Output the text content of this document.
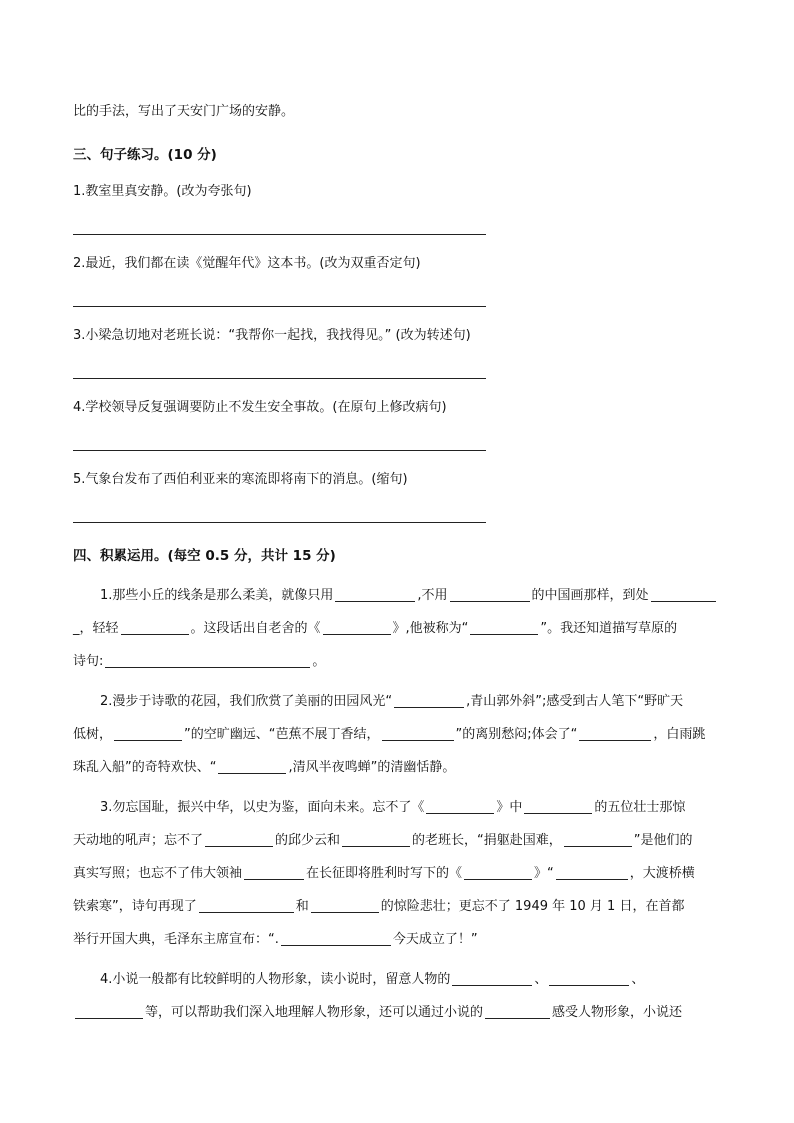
比的手法，写出了天安门广场的安静。
三、句子练习。(10 分)
1.教室里真安静。(改为夸张句)
2.最近，我们都在读《觉醒年代》这本书。(改为双重否定句)
3.小梁急切地对老班长说：“我帮你一起找，我找得见。” (改为转述句)
4.学校领导反复强调要防止不发生安全事故。(在原句上修改病句)
5.气象台发布了西伯利亚来的寒流即将南下的消息。(缩句)
四、积累运用。(每空 0.5 分，共计 15 分)
1.那些小丘的线条是那么柔美，就像只用	,不用	的中国画那样，到处
_，轻轻	。这段话出自老舍的《	》,他被称为“	”。我还知道描写草原的
诗句:	。
2.漫步于诗歌的花园，我们欣赏了美丽的田园风光“	,青山郭外斜”;感受到古人笔下“野旷天
低树，	”的空旷幽远、“芭蕉不展丁香结，	”的离别愁闷;体会了“	，白雨跳
珠乱入船”的奇特欢快、“	,清风半夜鸣蝉”的清幽恬静。
3.勿忘国耻，振兴中华，以史为鉴，面向未来。忘不了《	》中	的五位壮士那惊
天动地的吼声；忘不了	的邱少云和	的老班长，“捐躯赴国难，	”是他们的
真实写照；也忘不了伟大领袖	在长征即将胜利时写下的《	》“	，大渡桥横
铁索寒”，诗句再现了	和	的惊险悲壮；更忘不了 1949 年 10 月 1 日，在首都
举行开国大典，毛泽东主席宣布：“.	今天成立了！”
4.小说一般都有比较鲜明的人物形象，读小说时，留意人物的	、	、
等，可以帮助我们深入地理解人物形象，还可以通过小说的	感受人物形象，小说还
